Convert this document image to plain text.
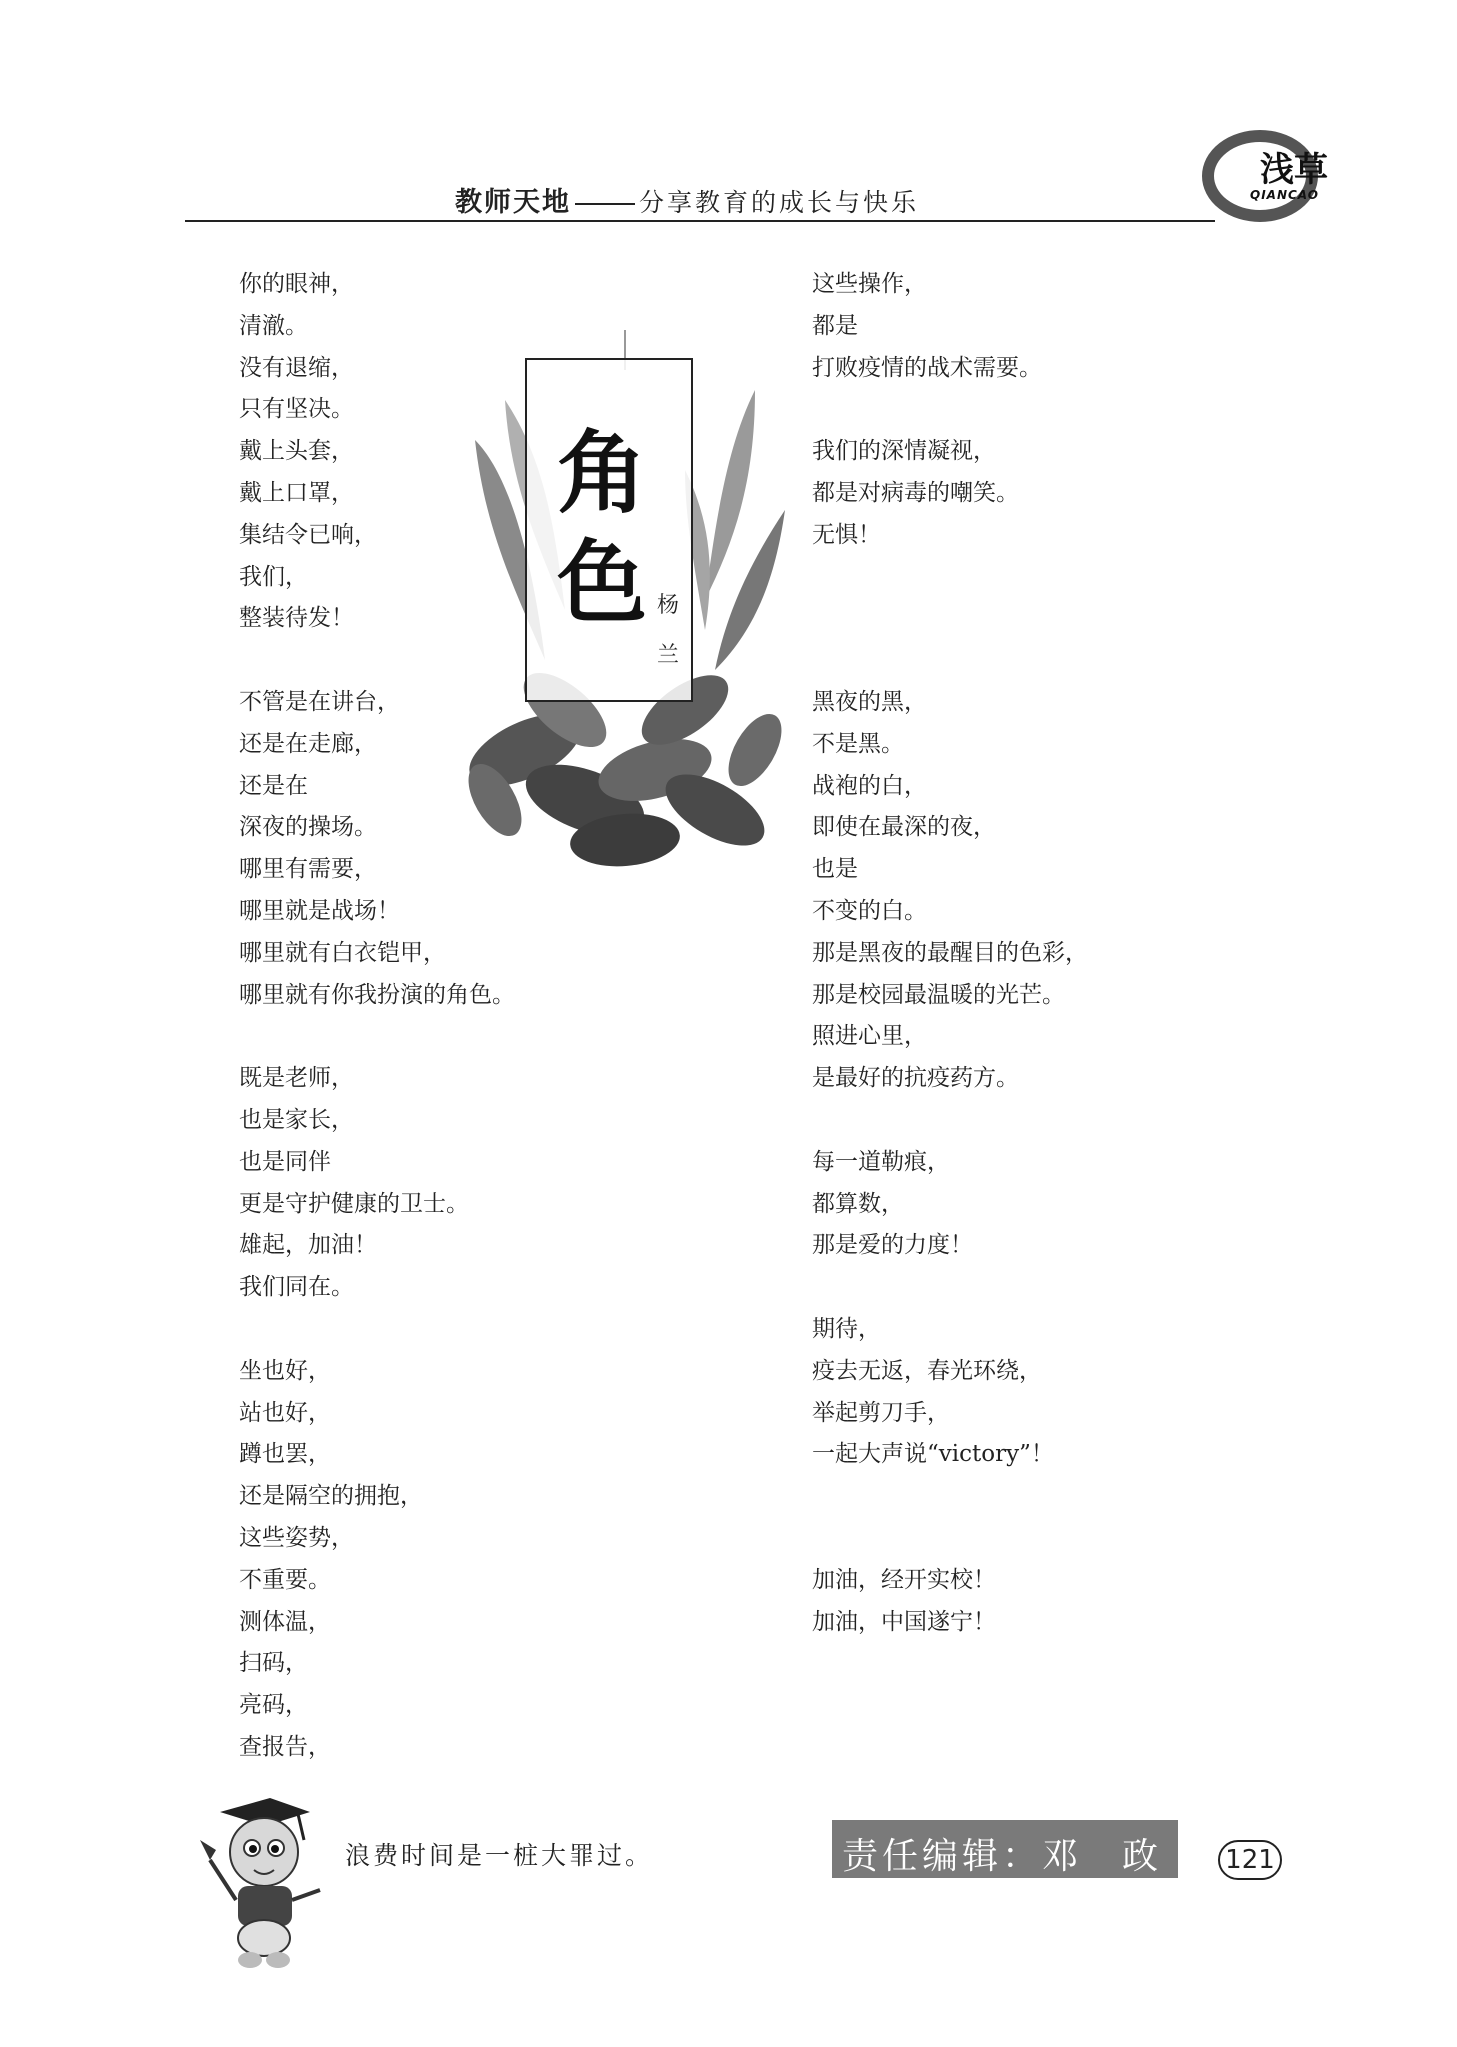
教师天地	分享教育的成长与快乐
浅草
QIANCAO
你的眼神，
清澈。
没有退缩，
只有坚决。
戴上头套，
戴上口罩，
集结令已响，
我们，
整装待发！
不管是在讲台，
还是在走廊，
还是在
深夜的操场。
哪里有需要，
哪里就是战场！
哪里就有白衣铠甲，
哪里就有你我扮演的角色。
既是老师，
也是家长，
也是同伴
更是守护健康的卫士。
雄起，加油！
我们同在。
坐也好，
站也好，
蹲也罢，
还是隔空的拥抱，
这些姿势，
不重要。
测体温，
扫码，
亮码，
查报告，
这些操作，
都是
打败疫情的战术需要。
我们的深情凝视，
都是对病毒的嘲笑。
无惧！
黑夜的黑，
不是黑。
战袍的白，
即使在最深的夜，
也是
不变的白。
那是黑夜的最醒目的色彩，
那是校园最温暖的光芒。
照进心里，
是最好的抗疫药方。
每一道勒痕，
都算数，
那是爱的力度！
期待，
疫去无返，春光环绕，
举起剪刀手，
一起大声说“victory”！
加油，经开实校！
加油，中国遂宁！
角
色 杨
兰
浪费时间是一桩大罪过。	责任编辑：邓　政 121
